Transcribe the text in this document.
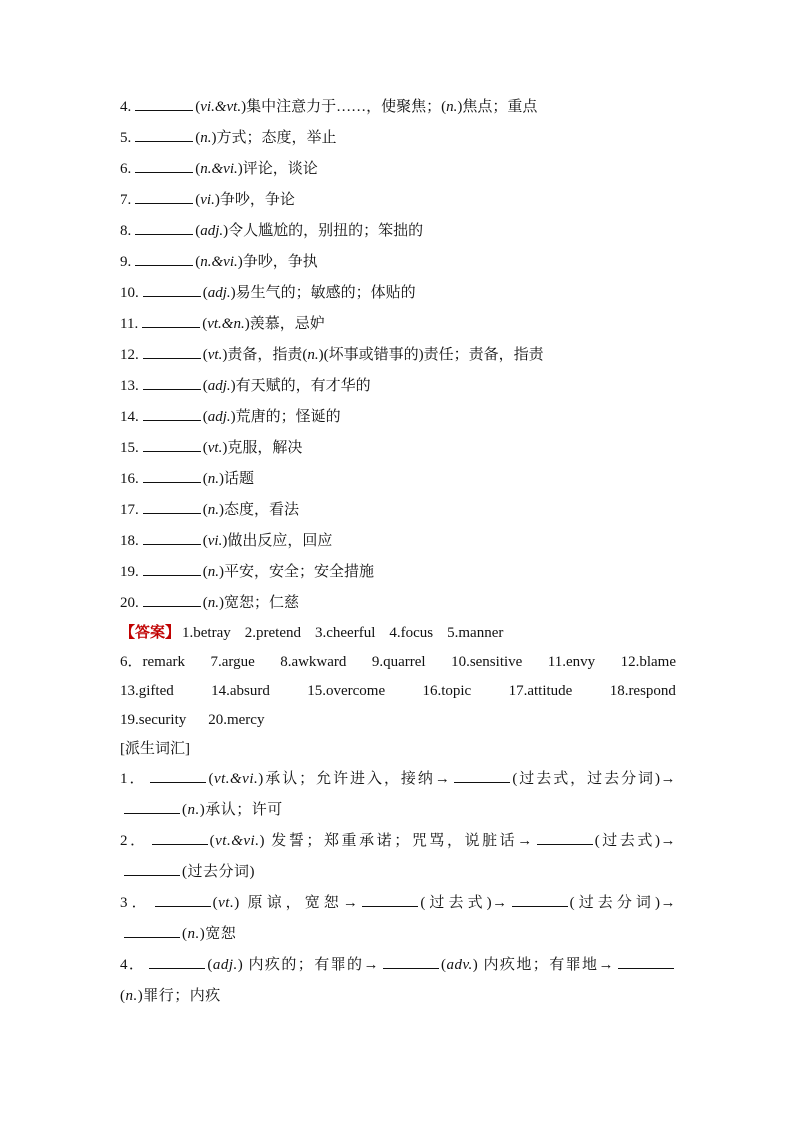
4.	(vi.&vt.)集中注意力于……，使聚焦；(n.)焦点；重点
5.	(n.)方式；态度，举止
6.	(n.&vi.)评论，谈论
7.	(vi.)争吵，争论
8.	(adj.)令人尴尬的，别扭的；笨拙的
9.	(n.&vi.)争吵，争执
10.	(adj.)易生气的；敏感的；体贴的
11.	(vt.&n.)羡慕，忌妒
12.	(vt.)责备，指责(n.)(坏事或错事的)责任；责备，指责
13.	(adj.)有天赋的，有才华的
14.	(adj.)荒唐的；怪诞的
15.	(vt.)克服，解决
16.	(n.)话题
17.	(n.)态度，看法
18.	(vi.)做出反应，回应
19.	(n.)平安，安全；安全措施
20.	(n.)宽恕；仁慈
【答案】 1.betray 2.pretend 3.cheerful 4.focus 5.manner
6．remark 7.argue 8.awkward 9.quarrel 10.sensitive 11.envy 12.blame
13.gifted 14.absurd 15.overcome 16.topic 17.attitude 18.respond
19.security 20.mercy
[派生词汇]
1．	(vt.&vi.)承认；允许进入，接纳→	(过去式，过去分词)→(n.)承认；许可
2．	(vt.&vi.) 发誓；郑重承诺；咒骂，说脏话→	(过去式)→(过去分词)
3．	(vt.) 原谅，宽恕→	(过去式)→	(过去分词)→(n.)宽恕
4．	(adj.) 内疚的；有罪的→	(adv.) 内疚地；有罪地→(n.)罪行；内疚
